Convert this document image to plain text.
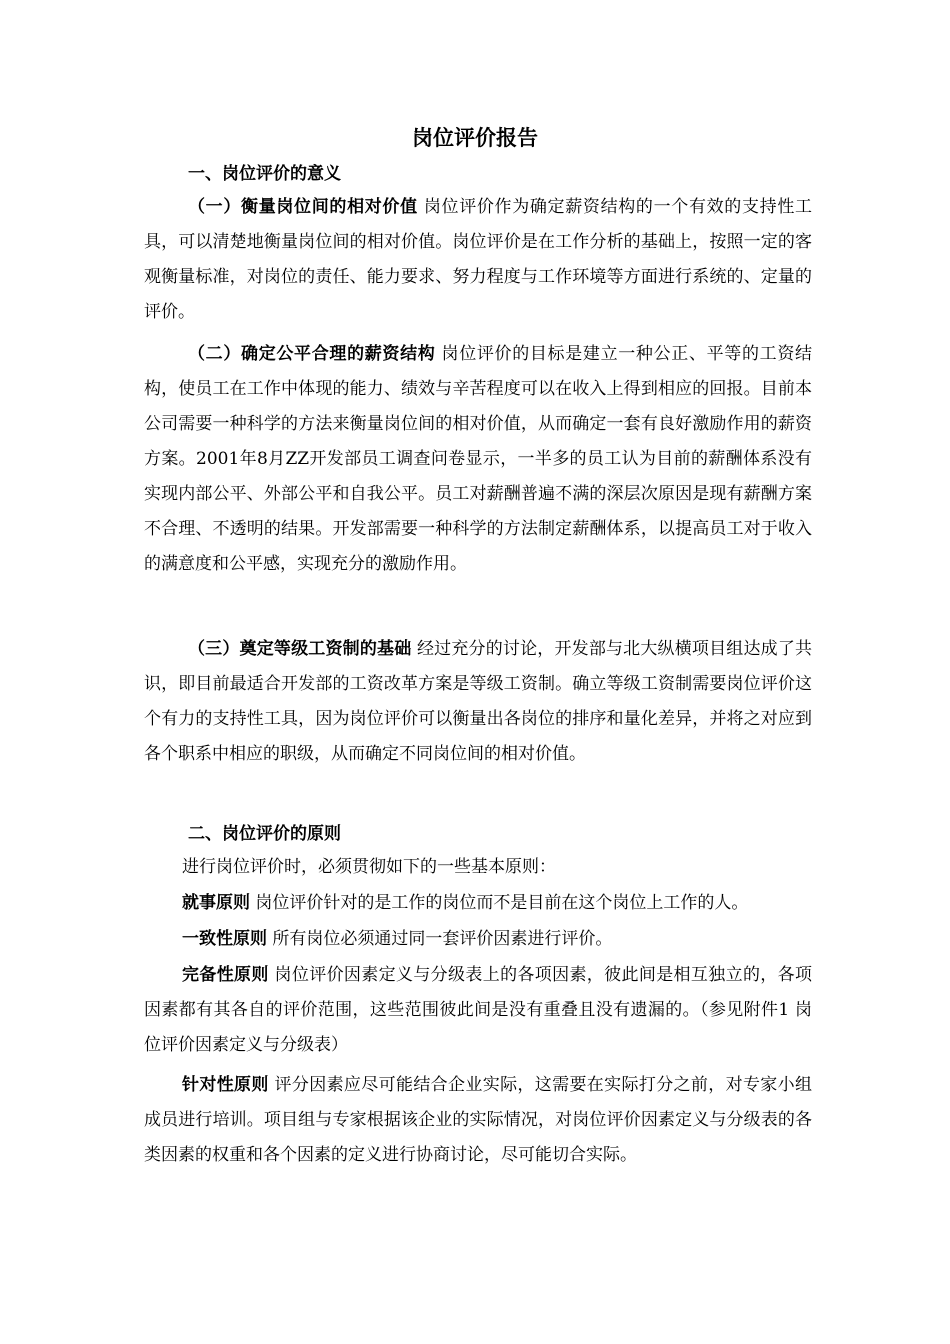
岗位评价报告
一、岗位评价的意义

（一）衡量岗位间的相对价值 岗位评价作为确定薪资结构的一个有效的支持性工具，可以清楚地衡量岗位间的相对价值。岗位评价是在工作分析的基础上，按照一定的客观衡量标准，对岗位的责任、能力要求、努力程度与工作环境等方面进行系统的、定量的评价。

（二）确定公平合理的薪资结构 岗位评价的目标是建立一种公正、平等的工资结构，使员工在工作中体现的能力、绩效与辛苦程度可以在收入上得到相应的回报。目前本公司需要一种科学的方法来衡量岗位间的相对价值，从而确定一套有良好激励作用的薪资方案。2001年8月ZZ开发部员工调查问卷显示，一半多的员工认为目前的薪酬体系没有实现内部公平、外部公平和自我公平。员工对薪酬普遍不满的深层次原因是现有薪酬方案不合理、不透明的结果。开发部需要一种科学的方法制定薪酬体系，以提高员工对于收入的满意度和公平感，实现充分的激励作用。

（三）奠定等级工资制的基础 经过充分的讨论，开发部与北大纵横项目组达成了共识，即目前最适合开发部的工资改革方案是等级工资制。确立等级工资制需要岗位评价这个有力的支持性工具，因为岗位评价可以衡量出各岗位的排序和量化差异，并将之对应到各个职系中相应的职级，从而确定不同岗位间的相对价值。

二、岗位评价的原则

进行岗位评价时，必须贯彻如下的一些基本原则：

就事原则 岗位评价针对的是工作的岗位而不是目前在这个岗位上工作的人。

一致性原则 所有岗位必须通过同一套评价因素进行评价。

完备性原则 岗位评价因素定义与分级表上的各项因素，彼此间是相互独立的，各项因素都有其各自的评价范围，这些范围彼此间是没有重叠且没有遗漏的。（参见附件1 岗位评价因素定义与分级表）

针对性原则 评分因素应尽可能结合企业实际，这需要在实际打分之前，对专家小组成员进行培训。项目组与专家根据该企业的实际情况，对岗位评价因素定义与分级表的各类因素的权重和各个因素的定义进行协商讨论，尽可能切合实际。
